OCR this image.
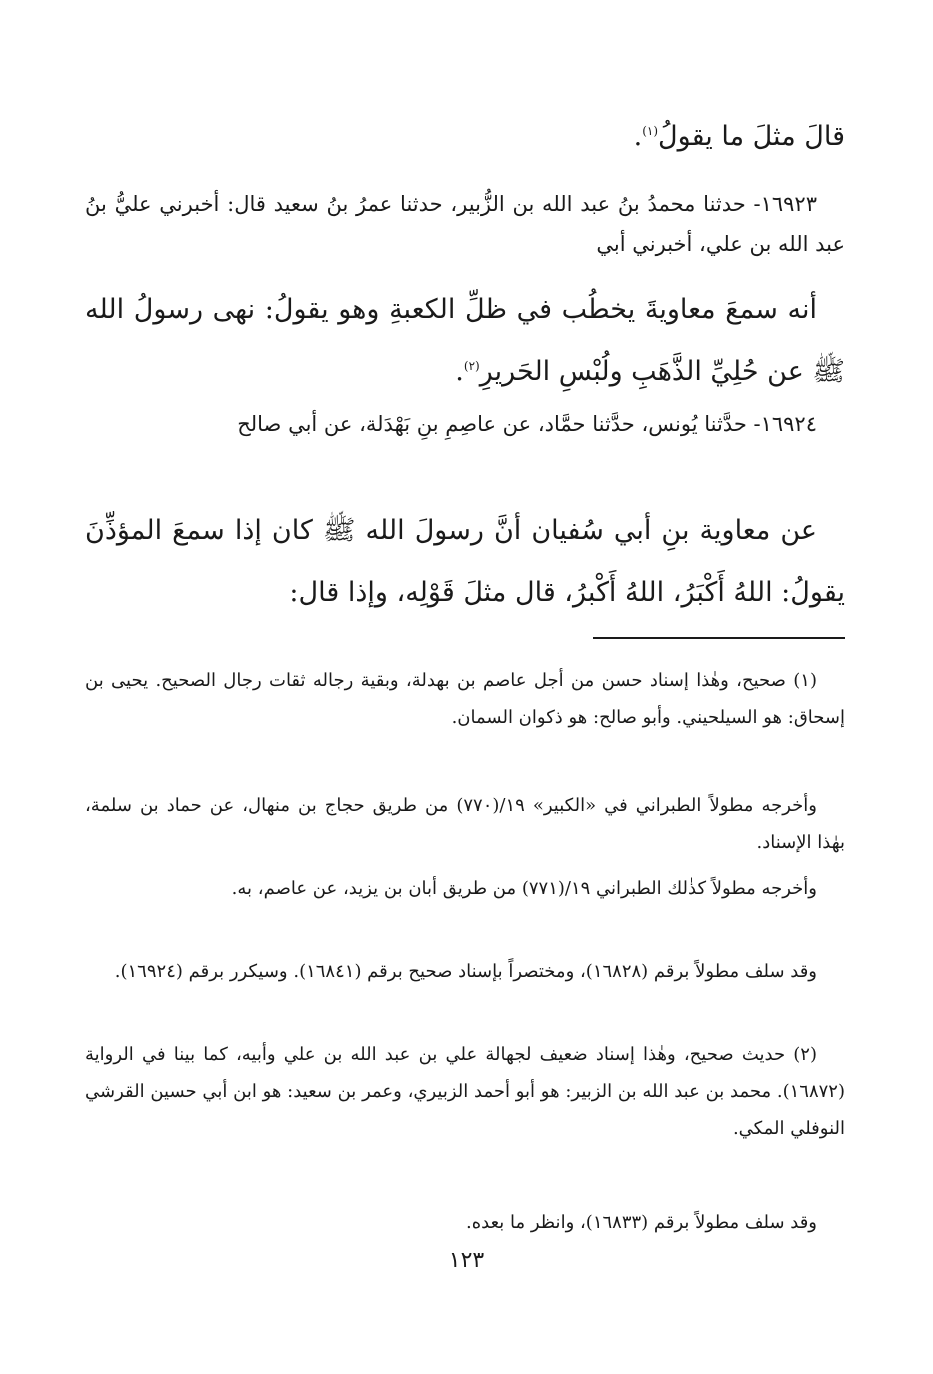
قالَ مثلَ ما يقولُ$^{(١)}$.
١٦٩٢٣- حدثنا محمدُ بنُ عبد الله بن الزُّبير، حدثنا عمرُ بنُ سعيد قال: أخبرني عليُّ بنُ عبد الله بن علي، أخبرني أبي
أنه سمعَ معاويةَ يخطُب في ظلِّ الكعبةِ وهو يقولُ: نهى رسولُ الله ﷺ عن حُلِيِّ الذَّهَبِ ولُبْسِ الحَريرِ$^{(٢)}$.
١٦٩٢٤- حدَّثنا يُونس، حدَّثنا حمَّاد، عن عاصِمِ بنِ بَهْدَلة، عن أبي صالح
عن معاوية بنِ أبي سُفيان أنَّ رسولَ الله ﷺ كان إذا سمعَ المؤذِّنَ يقولُ: اللهُ أَكْبَرُ، اللهُ أَكْبرُ، قال مثلَ قَوْلِه، وإذا قال:
(١) صحيح، وهٰذا إسناد حسن من أجل عاصم بن بهدلة، وبقية رجاله ثقات رجال الصحيح. يحيى بن إسحاق: هو السيلحيني. وأبو صالح: هو ذكوان السمان.
وأخرجه مطولاً الطبراني في «الكبير» ١٩/(٧٧٠) من طريق حجاج بن منهال، عن حماد بن سلمة، بهٰذا الإسناد.
وأخرجه مطولاً كذٰلك الطبراني ١٩/(٧٧١) من طريق أبان بن يزيد، عن عاصم، به.
وقد سلف مطولاً برقم (١٦٨٢٨)، ومختصراً بإسناد صحيح برقم (١٦٨٤١). وسيكرر برقم (١٦٩٢٤).
(٢) حديث صحيح، وهٰذا إسناد ضعيف لجهالة علي بن عبد الله بن علي وأبيه، كما بينا في الرواية (١٦٨٧٢). محمد بن عبد الله بن الزبير: هو أبو أحمد الزبيري، وعمر بن سعيد: هو ابن أبي حسين القرشي النوفلي المكي.
وقد سلف مطولاً برقم (١٦٨٣٣)، وانظر ما بعده.
١٢٣
